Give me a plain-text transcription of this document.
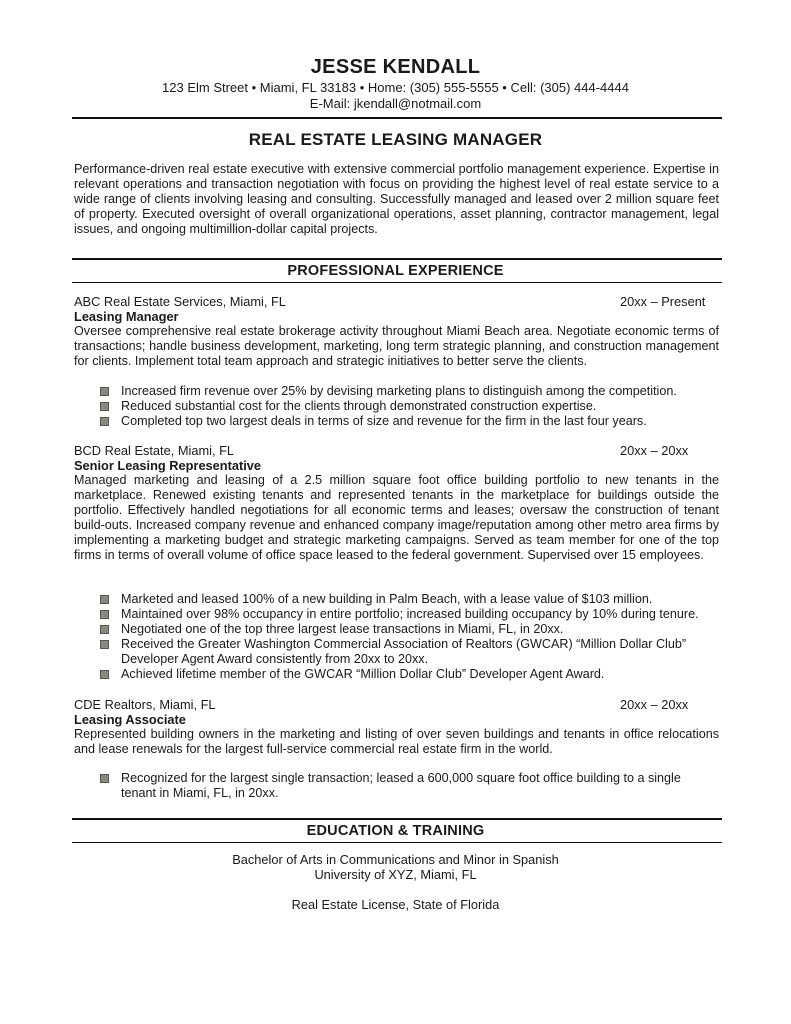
JESSE KENDALL
123 Elm Street • Miami, FL 33183 • Home: (305) 555-5555 • Cell: (305) 444-4444
E-Mail: jkendall@notmail.com
REAL ESTATE LEASING MANAGER
Performance-driven real estate executive with extensive commercial portfolio management experience. Expertise in relevant operations and transaction negotiation with focus on providing the highest level of real estate service to a wide range of clients involving leasing and consulting. Successfully managed and leased over 2 million square feet of property. Executed oversight of overall organizational operations, asset planning, contractor management, legal issues, and ongoing multimillion-dollar capital projects.
PROFESSIONAL EXPERIENCE
ABC Real Estate Services, Miami, FL	20xx – Present
Leasing Manager
Oversee comprehensive real estate brokerage activity throughout Miami Beach area. Negotiate economic terms of transactions; handle business development, marketing, long term strategic planning, and construction management for clients. Implement total team approach and strategic initiatives to better serve the clients.
Increased firm revenue over 25% by devising marketing plans to distinguish among the competition.
Reduced substantial cost for the clients through demonstrated construction expertise.
Completed top two largest deals in terms of size and revenue for the firm in the last four years.
BCD Real Estate, Miami, FL	20xx – 20xx
Senior Leasing Representative
Managed marketing and leasing of a 2.5 million square foot office building portfolio to new tenants in the marketplace. Renewed existing tenants and represented tenants in the marketplace for buildings outside the portfolio. Effectively handled negotiations for all economic terms and leases; oversaw the construction of tenant build-outs. Increased company revenue and enhanced company image/reputation among other metro area firms by implementing a marketing budget and strategic marketing campaigns. Served as team member for one of the top firms in terms of overall volume of office space leased to the federal government. Supervised over 15 employees.
Marketed and leased 100% of a new building in Palm Beach, with a lease value of $103 million.
Maintained over 98% occupancy in entire portfolio; increased building occupancy by 10% during tenure.
Negotiated one of the top three largest lease transactions in Miami, FL, in 20xx.
Received the Greater Washington Commercial Association of Realtors (GWCAR) “Million Dollar Club” Developer Agent Award consistently from 20xx to 20xx.
Achieved lifetime member of the GWCAR “Million Dollar Club” Developer Agent Award.
CDE Realtors, Miami, FL	20xx – 20xx
Leasing Associate
Represented building owners in the marketing and listing of over seven buildings and tenants in office relocations and lease renewals for the largest full-service commercial real estate firm in the world.
Recognized for the largest single transaction; leased a 600,000 square foot office building to a single tenant in Miami, FL, in 20xx.
EDUCATION & TRAINING
Bachelor of Arts in Communications and Minor in Spanish
University of XYZ, Miami, FL
Real Estate License, State of Florida
